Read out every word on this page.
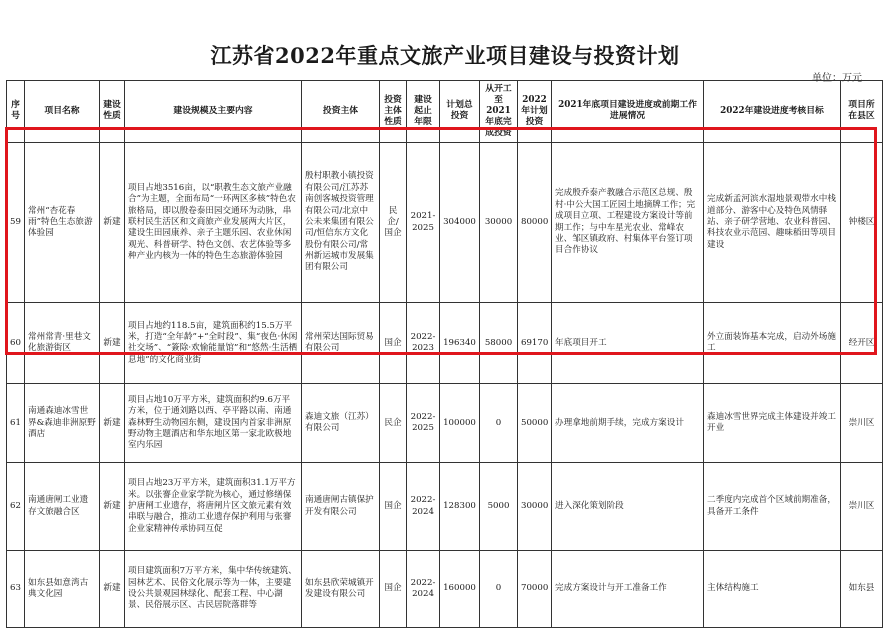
江苏省2022年重点文旅产业项目建设与投资计划
单位：万元
序号	项目名称	建设性质	建设规模及主要内容	投资主体	投资主体性质	建设起止年限	计划总投资	从开工至2021年底完成投资	2022年计划投资	2021年底项目建设进度或前期工作进展情况	2022年建设进度考核目标	项目所在县区
59	常州“杏花春雨”特色生态旅游体验园	新建	项目占地3516亩，以“职教生态文旅产业融合”为主题，全面布局“一环两区多核”特色农旅格局，即以殷卷泰田园交通环为动脉，串联村民生活区和文商旅产业发展两大片区，建设生田园康养、亲子主题乐园、农业休闲观光、科普研学、特色文创、农艺体验等多种产业内核为一体的特色生态旅游体验园	殷村职教小镇投资有限公司/江苏苏南创客城投资管理有限公司/北京中公未来集团有限公司/恒信东方文化股份有限公司/常州新运城市发展集团有限公司	民企/国企	2021-2025	304000	30000	80000	完成殷乔泰产教融合示范区总规、殷村·中公大国工匠园土地摘牌工作；完成项目立项、工程建设方案设计等前期工作；与中车星光农业、常峰农业、邹区镇政府、村集体平台签订项目合作协议	完成新孟河滨水湿地景观带水中栈道部分、游客中心及特色风情驿站、亲子研学营地、农业科普园、科技农业示范园、趣味稻田等项目建设	钟楼区
60	常州常青·里巷文化旅游街区	新建	项目占地约118.5亩，建筑面积约15.5万平米，打造“全年龄”+“全时段”、集“夜色·休闲社交场”、“簽除·欢愉能量馆”和“悠然·生活栖息地”的文化商业街	常州荣达国际贸易有限公司	国企	2022-2023	196340	58000	69170	年底项目开工	外立面装饰基本完成，启动外场施工	经开区
61	南通森迪冰雪世界&森迪非洲原野酒店	新建	项目占地10万平方米，建筑面积约9.6万平方米，位于通刘路以西、亭平路以南、南通森林野生动物园东侧，建设国内首家非洲原野动物主题酒店和华东地区第一家北欧极地室内乐园	森迪文旅（江苏）有限公司	民企	2022-2025	100000	0	50000	办理拿地前期手续，完成方案设计	森迪冰雪世界完成主体建设并竣工开业	崇川区
62	南通唐闸工业遗存文旅融合区	新建	项目占地23万平方米，建筑面积31.1万平方米。以张謇企业家学院为核心，通过修缮保护唐闸工业遗存，将唐闸片区文旅元素有效串联与融合，推动工业遗存保护利用与张謇企业家精神传承协同互促	南通唐闸古镇保护开发有限公司	国企	2022-2024	128300	5000	30000	进入深化策划阶段	二季度内完成首个区域前期准备，具备开工条件	崇川区
63	如东县如意湾古典文化园	新建	项目建筑面积7万平方米，集中华传统建筑、园林艺术、民俗文化展示等为一体，主要建设公共景观园林绿化、配套工程、中心湖景、民俗展示区、古民居院落群等	如东县欣荣城镇开发建设有限公司	国企	2022-2024	160000	0	70000	完成方案设计与开工准备工作	主体结构施工	如东县
